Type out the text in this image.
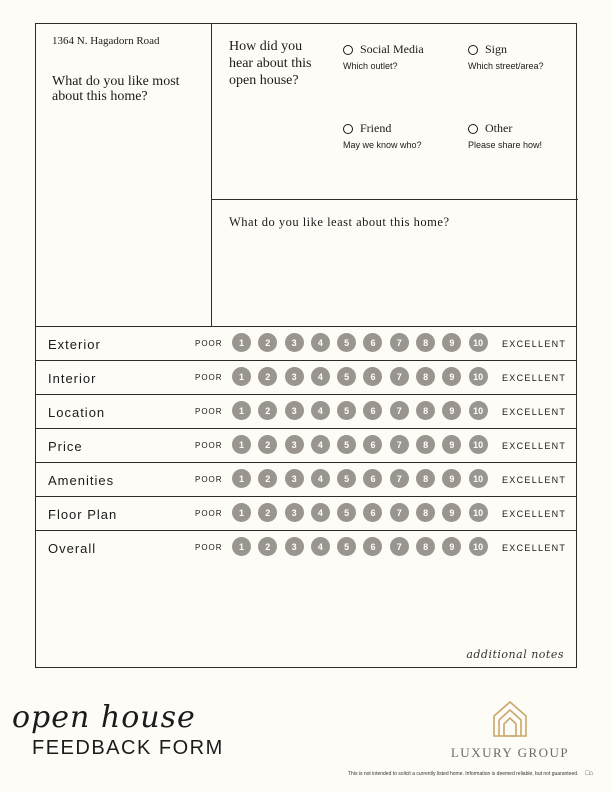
1364 N. Hagadorn Road
What do you like most about this home?
How did you hear about this open house?
Social Media
Which outlet?
Sign
Which street/area?
Friend
May we know who?
Other
Please share how!
What do you like least about this home?
Exterior	POOR	1	2	3	4	5	6	7	8	9	10	EXCELLENT
Interior	POOR	1	2	3	4	5	6	7	8	9	10	EXCELLENT
Location	POOR	1	2	3	4	5	6	7	8	9	10	EXCELLENT
Price	POOR	1	2	3	4	5	6	7	8	9	10	EXCELLENT
Amenities	POOR	1	2	3	4	5	6	7	8	9	10	EXCELLENT
Floor Plan	POOR	1	2	3	4	5	6	7	8	9	10	EXCELLENT
Overall	POOR	1	2	3	4	5	6	7	8	9	10	EXCELLENT
additional notes
open house
FEEDBACK FORM	LUXURY GROUP
This is not intended to solicit a currently listed home. Information is deemed reliable, but not guaranteed. □⌂
